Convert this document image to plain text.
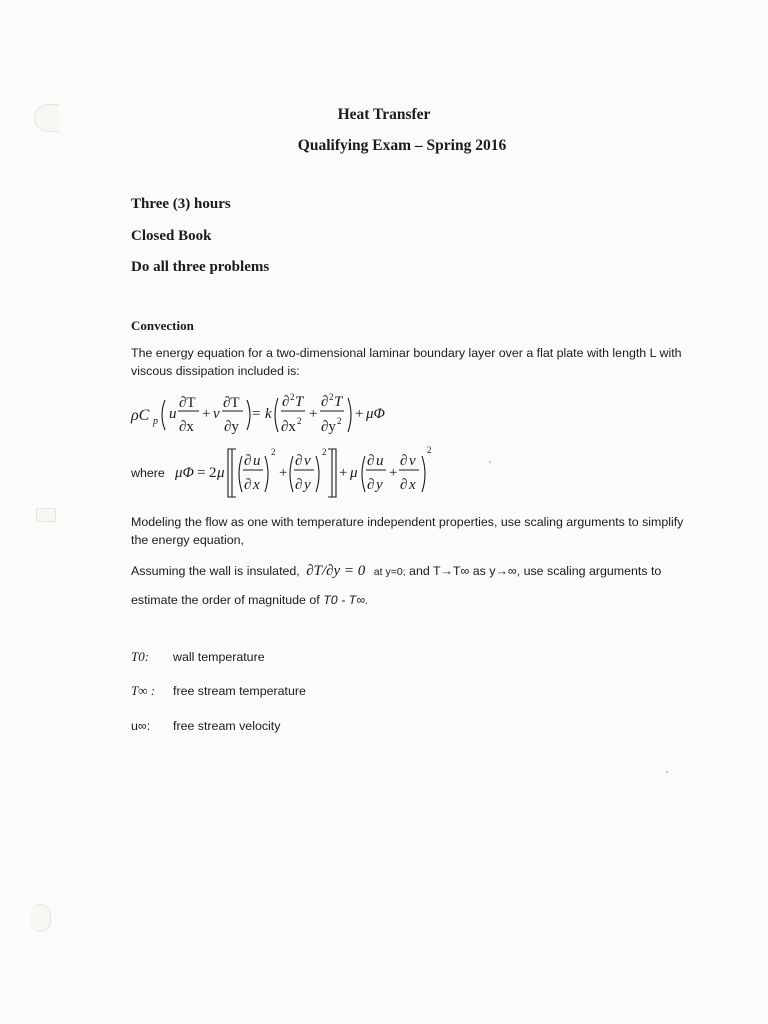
Heat Transfer
Qualifying Exam – Spring 2016
Three (3) hours
Closed Book
Do all three problems
Convection
The energy equation for a two-dimensional laminar boundary layer over a flat plate with length L with viscous dissipation included is:
ρC p u
∂T
∂x
+ v
∂T
∂y
= k
∂ 2 T
∂x 2 +
∂ 2 T
∂y 2 + μΦ
where μΦ = 2 μ
∂ u
∂ x
2
+
∂ v
∂ y
2
+ μ
∂ u
∂ y
+
∂ v
∂ x
2
Modeling the flow as one with temperature independent properties, use scaling arguments to simplify the energy equation,
Assuming the wall is insulated, ∂T/∂y = 0 at y=0; and T→T∞ as y→∞, use scaling arguments to
estimate the order of magnitude of T0 - T∞.
T0: wall temperature
T∞ : free stream temperature
u∞: free stream velocity
